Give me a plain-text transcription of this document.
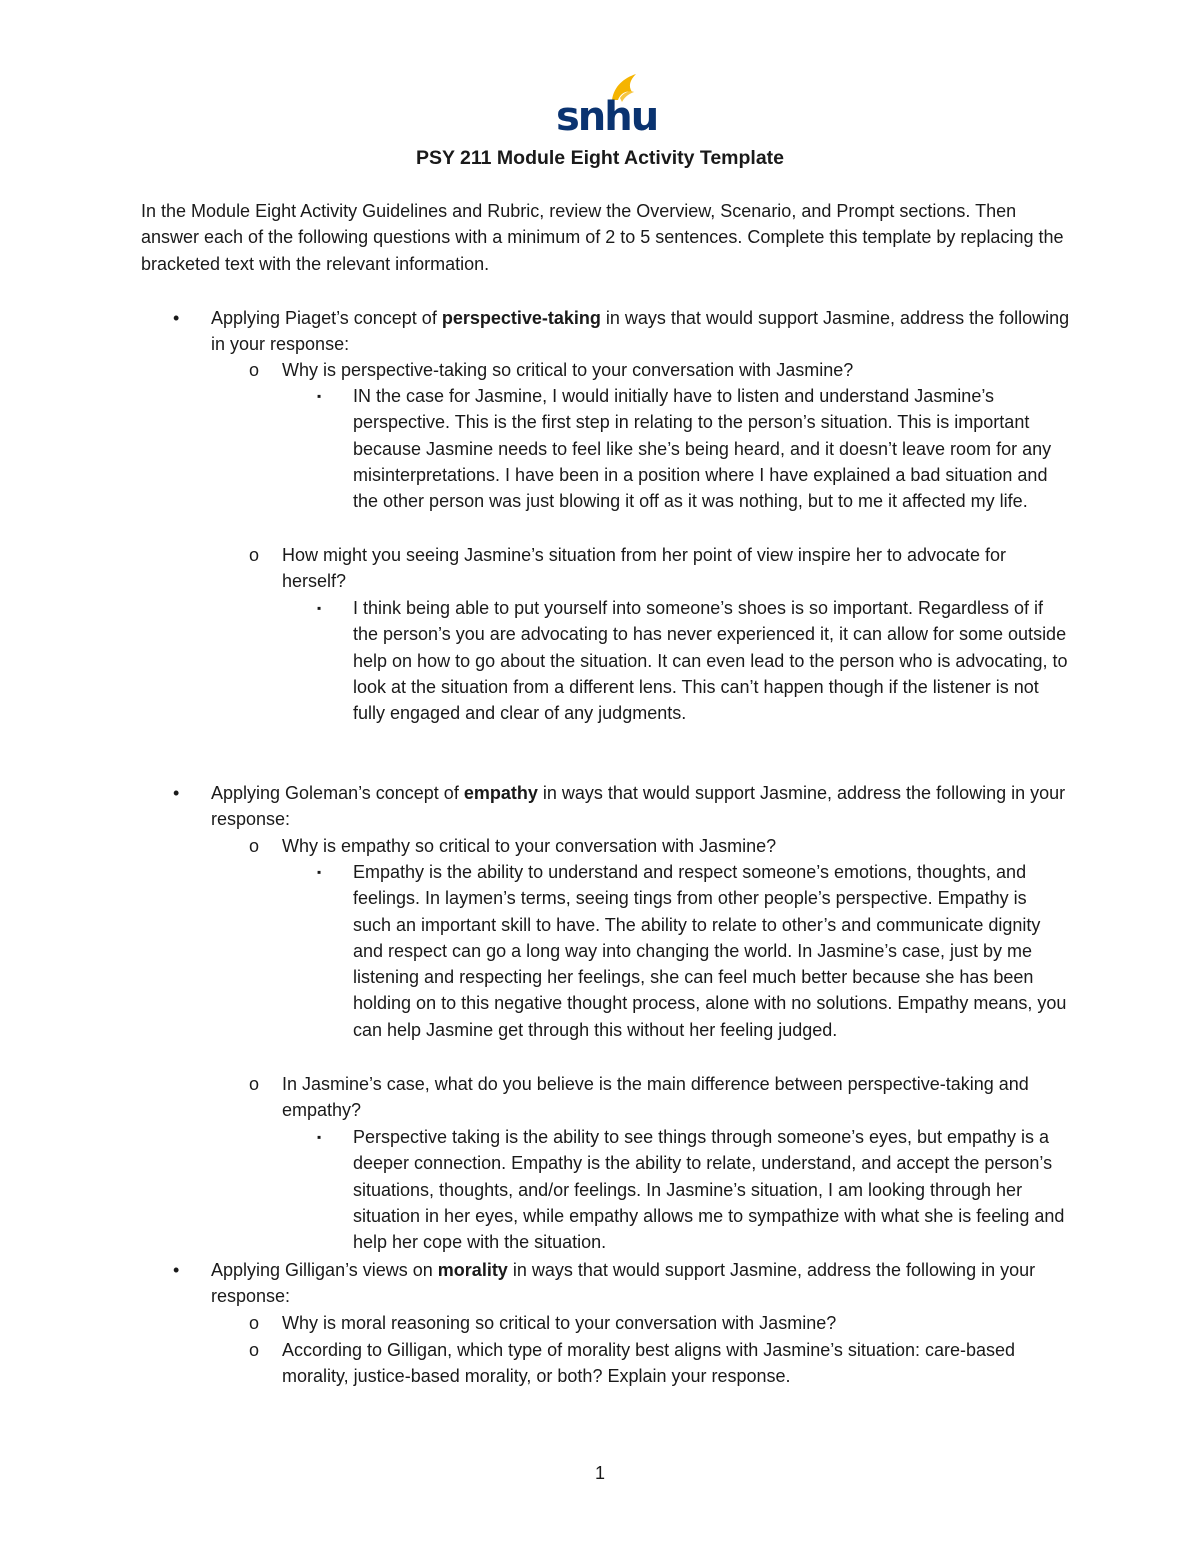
snhu
PSY 211 Module Eight Activity Template

In the Module Eight Activity Guidelines and Rubric, review the Overview, Scenario, and Prompt sections. Then answer each of the following questions with a minimum of 2 to 5 sentences. Complete this template by replacing the bracketed text with the relevant information.

• Applying Piaget’s concept of perspective-taking in ways that would support Jasmine, address the following in your response:
o Why is perspective-taking so critical to your conversation with Jasmine?
▪ IN the case for Jasmine, I would initially have to listen and understand Jasmine’s perspective. This is the first step in relating to the person’s situation. This is important because Jasmine needs to feel like she’s being heard, and it doesn’t leave room for any misinterpretations. I have been in a position where I have explained a bad situation and the other person was just blowing it off as it was nothing, but to me it affected my life.
o How might you seeing Jasmine’s situation from her point of view inspire her to advocate for herself?
▪ I think being able to put yourself into someone’s shoes is so important. Regardless of if the person’s you are advocating to has never experienced it, it can allow for some outside help on how to go about the situation. It can even lead to the person who is advocating, to look at the situation from a different lens. This can’t happen though if the listener is not fully engaged and clear of any judgments.
• Applying Goleman’s concept of empathy in ways that would support Jasmine, address the following in your response:
o Why is empathy so critical to your conversation with Jasmine?
▪ Empathy is the ability to understand and respect someone’s emotions, thoughts, and feelings. In laymen’s terms, seeing tings from other people’s perspective. Empathy is such an important skill to have. The ability to relate to other’s and communicate dignity and respect can go a long way into changing the world. In Jasmine’s case, just by me listening and respecting her feelings, she can feel much better because she has been holding on to this negative thought process, alone with no solutions. Empathy means, you can help Jasmine get through this without her feeling judged.
o In Jasmine’s case, what do you believe is the main difference between perspective-taking and empathy?
▪ Perspective taking is the ability to see things through someone’s eyes, but empathy is a deeper connection. Empathy is the ability to relate, understand, and accept the person’s situations, thoughts, and/or feelings. In Jasmine’s situation, I am looking through her situation in her eyes, while empathy allows me to sympathize with what she is feeling and help her cope with the situation.
• Applying Gilligan’s views on morality in ways that would support Jasmine, address the following in your response:
o Why is moral reasoning so critical to your conversation with Jasmine?
o According to Gilligan, which type of morality best aligns with Jasmine’s situation: care-based morality, justice-based morality, or both? Explain your response.
1
